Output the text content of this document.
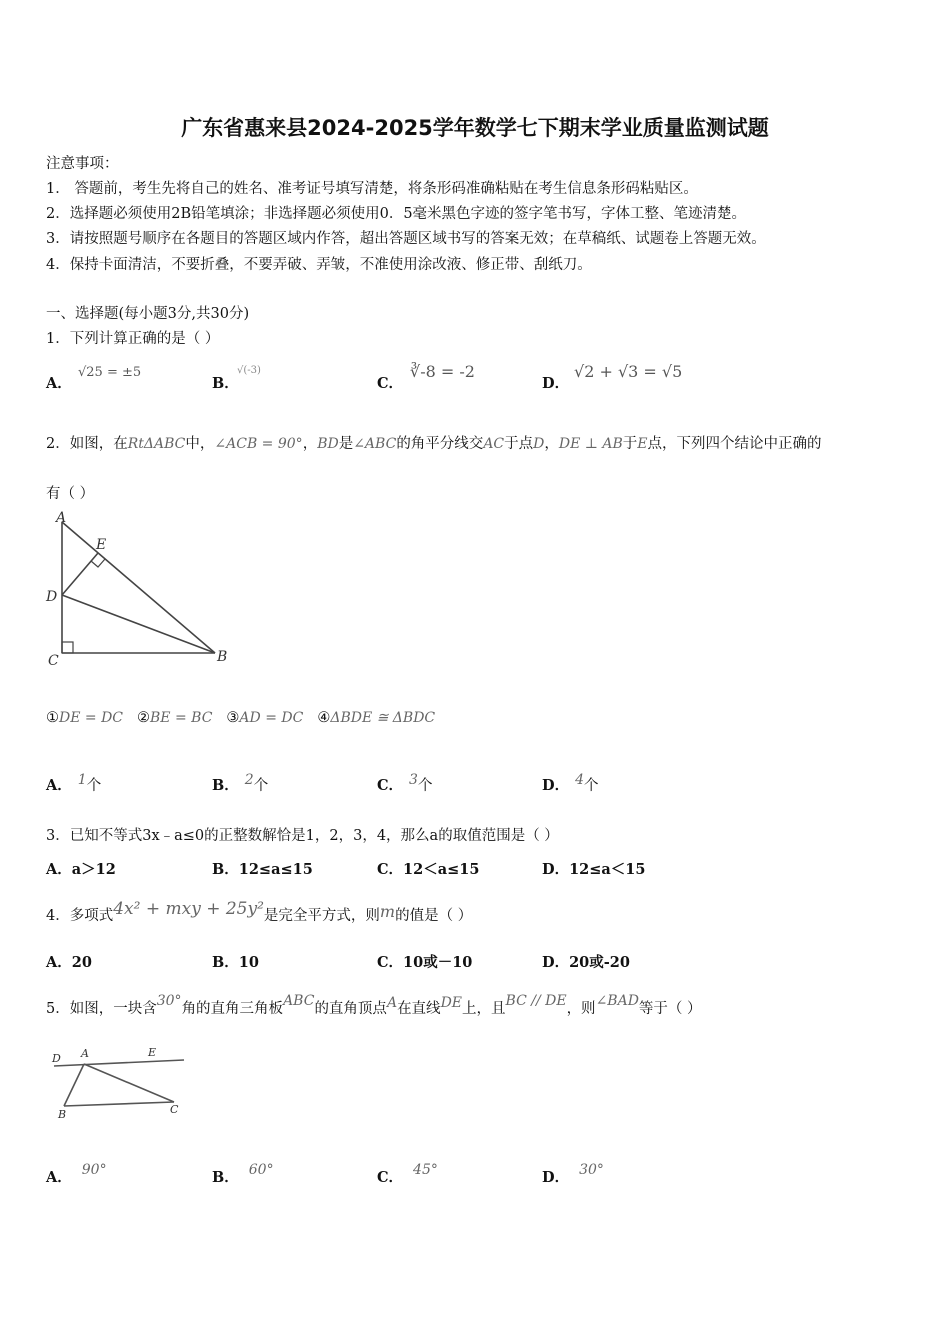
广东省惠来县2024-2025学年数学七下期末学业质量监测试题
注意事项：
1． 答题前，考生先将自己的姓名、准考证号填写清楚，将条形码准确粘贴在考生信息条形码粘贴区。
2．选择题必须使用2B铅笔填涂；非选择题必须使用0．5毫米黑色字迹的签字笔书写，字体工整、笔迹清楚。
3．请按照题号顺序在各题目的答题区域内作答，超出答题区域书写的答案无效；在草稿纸、试题卷上答题无效。
4．保持卡面清洁，不要折叠，不要弄破、弄皱，不准使用涂改液、修正带、刮纸刀。
一、选择题(每小题3分,共30分)
1．下列计算正确的是（ ）
A．
√25 = ±5
B．
√(-3)
C．
∛-8 = -2
D．
√2 + √3 = √5
2．如图，在RtΔABC中，∠ACB = 90°，BD是∠ABC的角平分线交AC于点D，DE ⊥ AB于E点，下列四个结论中正确的
有（ ）
A
E
D
C	B
①DE = DC ②BE = BC ③AD = DC ④ΔBDE ≅ ΔBDC
A． 1个	B． 2个	C． 3个	D． 4个
3．已知不等式3x﹣a≤0的正整数解恰是1，2，3，4，那么a的取值范围是（ ）
A．a＞12	B．12≤a≤15	C．12＜a≤15	D．12≤a＜15
4．多项式4x² + mxy + 25y²是完全平方式，则m的值是（ ）
A．20	B．10	C．10或－10	D．20或-20
5．如图，一块含30°角的直角三角板ABC的直角顶点A在直线DE上，且BC // DE，则∠BAD等于（ ）
D A	E
B	C
A． 90°	B． 60°	C． 45°	D． 30°
